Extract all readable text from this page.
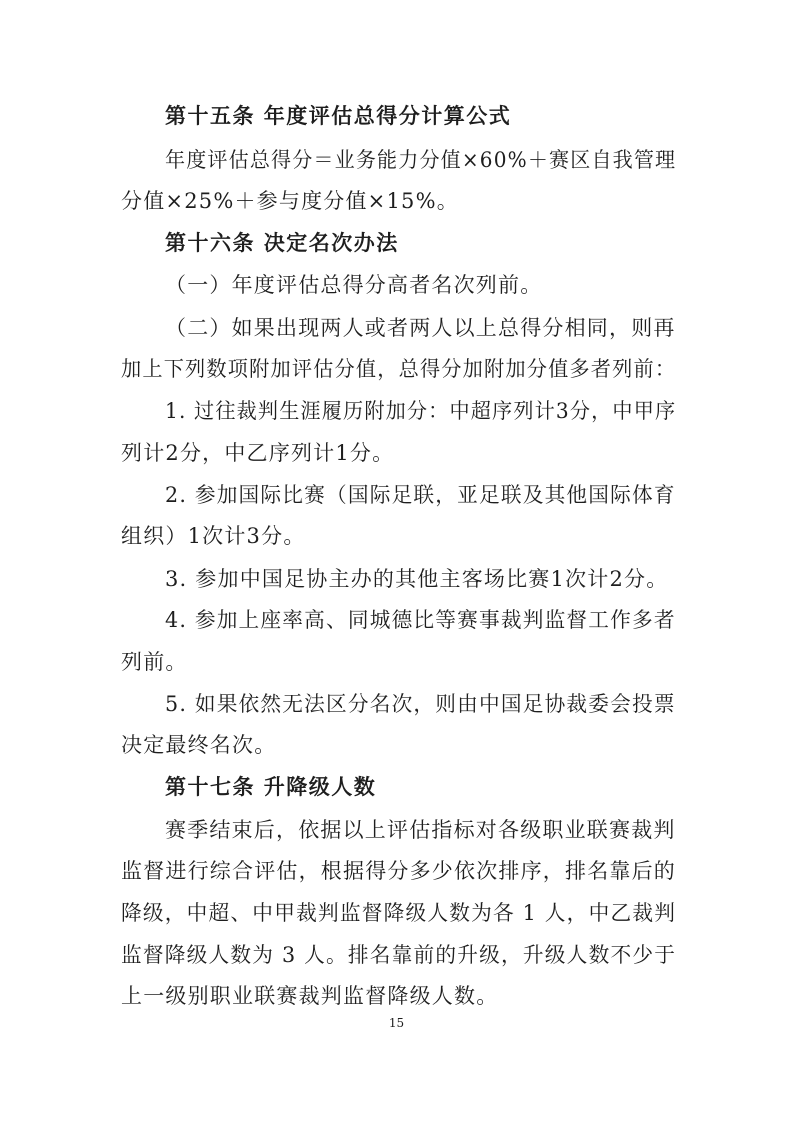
第十五条 年度评估总得分计算公式
年度评估总得分＝业务能力分值×60%＋赛区自我管理
分值×25%＋参与度分值×15%。
第十六条 决定名次办法
（一）年度评估总得分高者名次列前。
（二）如果出现两人或者两人以上总得分相同，则再
加上下列数项附加评估分值，总得分加附加分值多者列前：
1. 过往裁判生涯履历附加分：中超序列计3分，中甲序
列计2分，中乙序列计1分。
2. 参加国际比赛（国际足联，亚足联及其他国际体育
组织）1次计3分。
3. 参加中国足协主办的其他主客场比赛1次计2分。
4. 参加上座率高、同城德比等赛事裁判监督工作多者
列前。
5. 如果依然无法区分名次，则由中国足协裁委会投票
决定最终名次。
第十七条 升降级人数
赛季结束后，依据以上评估指标对各级职业联赛裁判
监督进行综合评估，根据得分多少依次排序，排名靠后的
降级，中超、中甲裁判监督降级人数为各 1 人，中乙裁判
监督降级人数为 3 人。排名靠前的升级，升级人数不少于
上一级别职业联赛裁判监督降级人数。
15
